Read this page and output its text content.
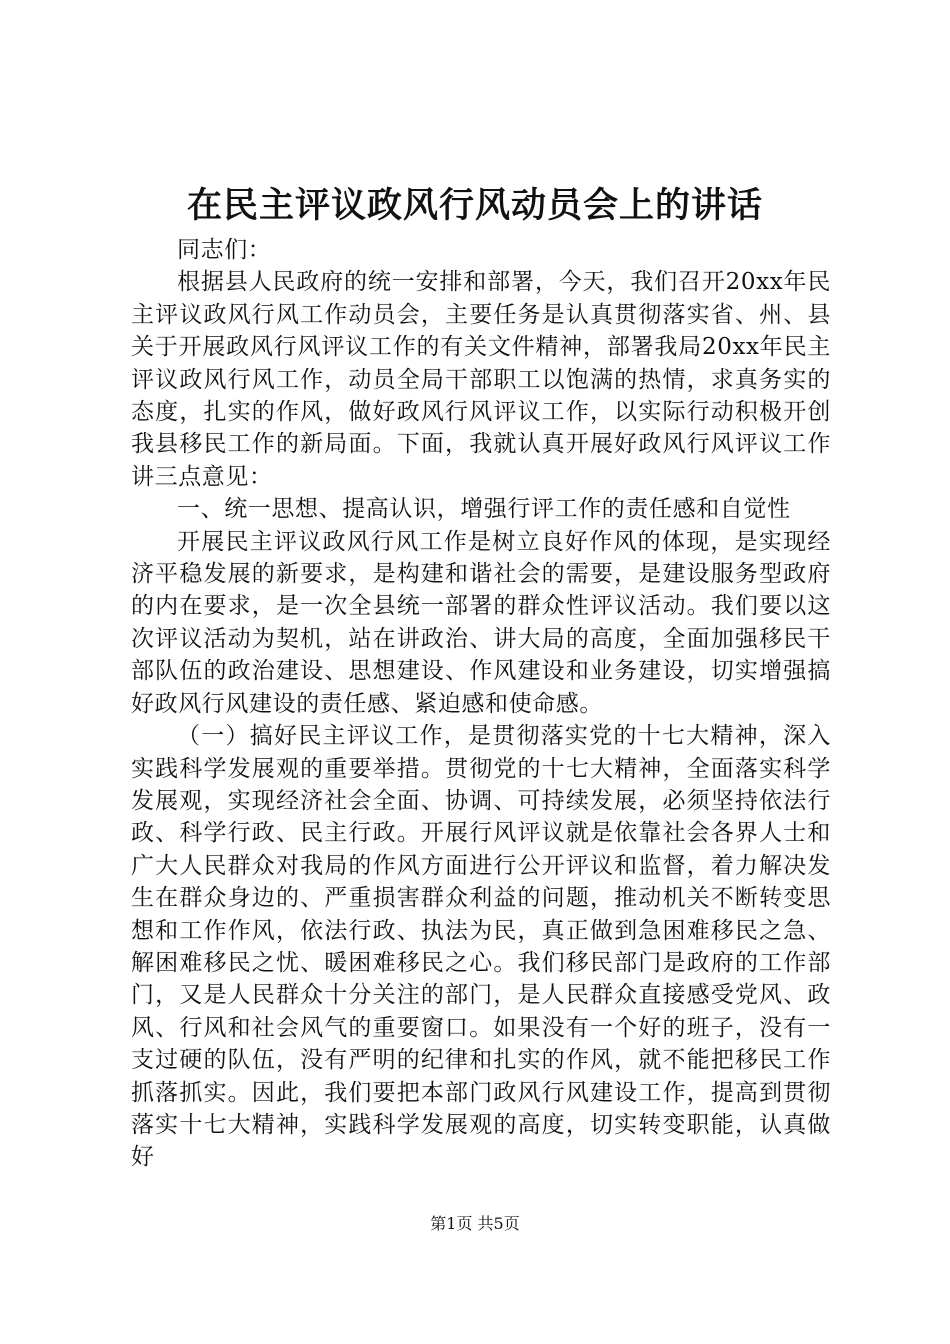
在民主评议政风行风动员会上的讲话

同志们：

根据县人民政府的统一安排和部署，今天，我们召开20xx年民主评议政风行风工作动员会，主要任务是认真贯彻落实省、州、县关于开展政风行风评议工作的有关文件精神，部署我局20xx年民主评议政风行风工作，动员全局干部职工以饱满的热情，求真务实的态度，扎实的作风，做好政风行风评议工作，以实际行动积极开创我县移民工作的新局面。下面，我就认真开展好政风行风评议工作讲三点意见：

一、统一思想、提高认识，增强行评工作的责任感和自觉性

开展民主评议政风行风工作是树立良好作风的体现，是实现经济平稳发展的新要求，是构建和谐社会的需要，是建设服务型政府的内在要求，是一次全县统一部署的群众性评议活动。我们要以这次评议活动为契机，站在讲政治、讲大局的高度，全面加强移民干部队伍的政治建设、思想建设、作风建设和业务建设，切实增强搞好政风行风建设的责任感、紧迫感和使命感。

（一）搞好民主评议工作，是贯彻落实党的十七大精神，深入实践科学发展观的重要举措。贯彻党的十七大精神，全面落实科学发展观，实现经济社会全面、协调、可持续发展，必须坚持依法行政、科学行政、民主行政。开展行风评议就是依靠社会各界人士和广大人民群众对我局的作风方面进行公开评议和监督，着力解决发生在群众身边的、严重损害群众利益的问题，推动机关不断转变思想和工作作风，依法行政、执法为民，真正做到急困难移民之急、解困难移民之忧、暖困难移民之心。我们移民部门是政府的工作部门，又是人民群众十分关注的部门，是人民群众直接感受党风、政风、行风和社会风气的重要窗口。如果没有一个好的班子，没有一支过硬的队伍，没有严明的纪律和扎实的作风，就不能把移民工作抓落抓实。因此，我们要把本部门政风行风建设工作，提高到贯彻落实十七大精神，实践科学发展观的高度，切实转变职能，认真做好

第1页 共5页
